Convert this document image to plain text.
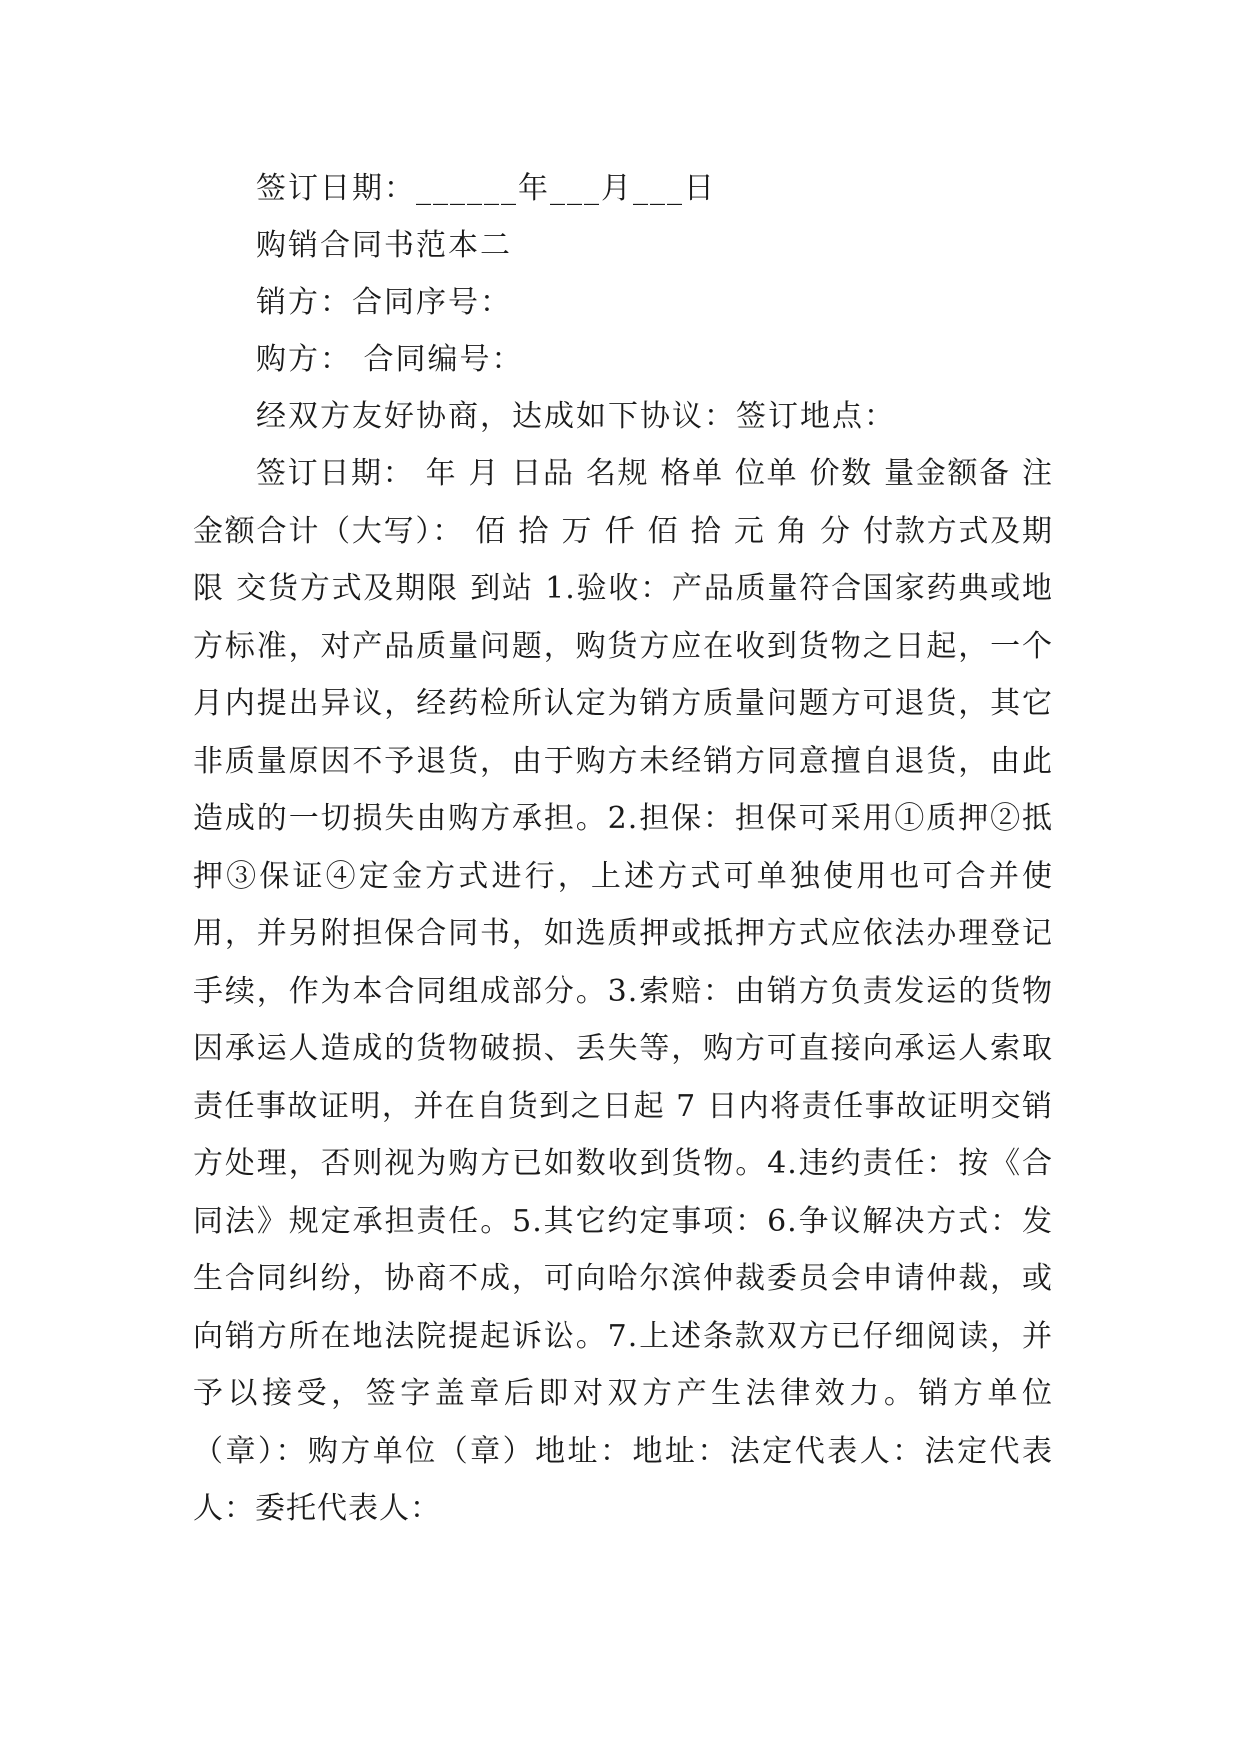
签订日期：______年___月___日
购销合同书范本二
销方：合同序号：
购方： 合同编号：
经双方友好协商，达成如下协议：签订地点：

签订日期： 年 月 日品 名规 格单 位单 价数 量金额备 注 金额合计（大写）： 佰 拾 万 仟 佰 拾 元 角 分 付款方式及期限 交货方式及期限 到站 1.验收：产品质量符合国家药典或地方标准，对产品质量问题，购货方应在收到货物之日起，一个月内提出异议，经药检所认定为销方质量问题方可退货，其它非质量原因不予退货，由于购方未经销方同意擅自退货，由此造成的一切损失由购方承担。2.担保：担保可采用①质押②抵押③保证④定金方式进行，上述方式可单独使用也可合并使用，并另附担保合同书，如选质押或抵押方式应依法办理登记手续，作为本合同组成部分。3.索赔：由销方负责发运的货物因承运人造成的货物破损、丢失等，购方可直接向承运人索取责任事故证明，并在自货到之日起 7 日内将责任事故证明交销方处理，否则视为购方已如数收到货物。4.违约责任：按《合同法》规定承担责任。5.其它约定事项：6.争议解决方式：发生合同纠纷，协商不成，可向哈尔滨仲裁委员会申请仲裁，或向销方所在地法院提起诉讼。7.上述条款双方已仔细阅读，并予以接受，签字盖章后即对双方产生法律效力。销方单位（章）：购方单位（章）地址：地址：法定代表人：法定代表人：委托代表人：
